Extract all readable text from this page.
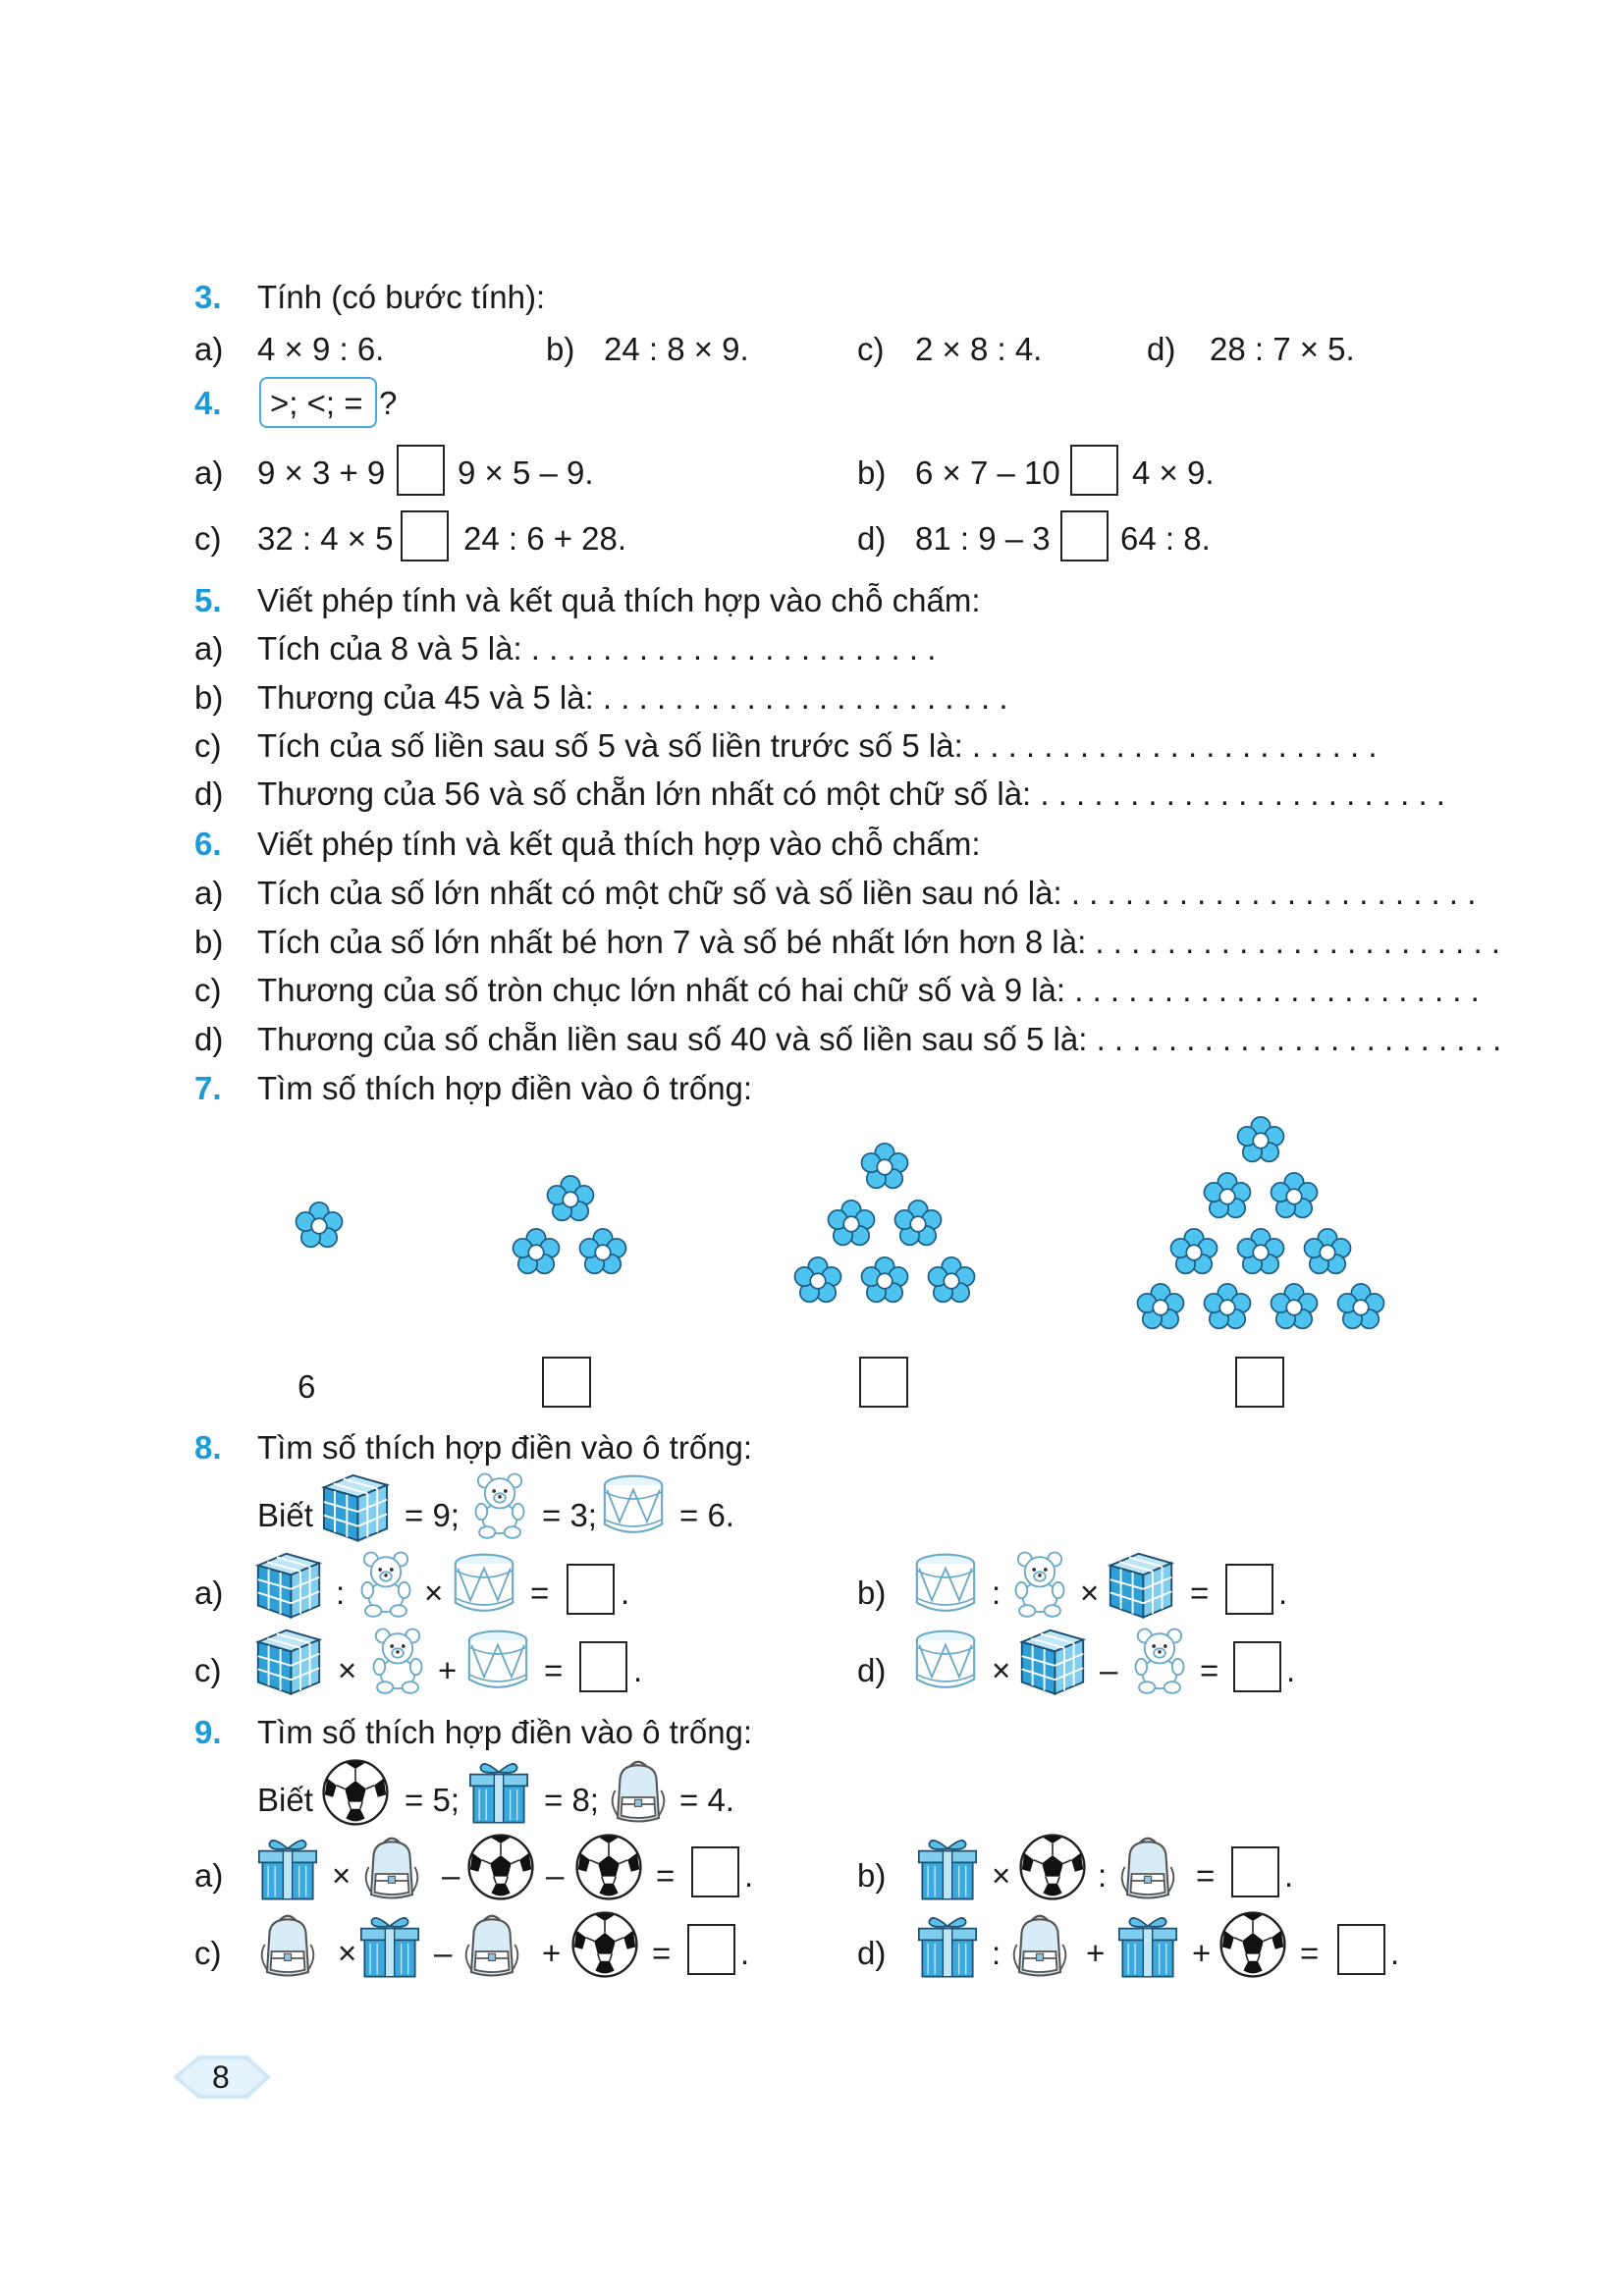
3. Tính (có bước tính):
a) 4 × 9 : 6.	b) 24 : 8 × 9.	c) 2 × 8 : 4.	d) 28 : 7 × 5.
4. >; <; = ?
a) 9 × 3 + 9 9 × 5 – 9.	b) 6 × 7 – 10 4 × 9.
c) 32 : 4 × 5 24 : 6 + 28.	d) 81 : 9 – 3 64 : 8.
5. Viết phép tính và kết quả thích hợp vào chỗ chấm:
a) Tích của 8 và 5 là: . . . . . . . . . . . . . . . . . . . . . . .
b) Thương của 45 và 5 là: . . . . . . . . . . . . . . . . . . . . . . .
c) Tích của số liền sau số 5 và số liền trước số 5 là: . . . . . . . . . . . . . . . . . . . . . . .
d) Thương của 56 và số chẵn lớn nhất có một chữ số là: . . . . . . . . . . . . . . . . . . . . . . .
6. Viết phép tính và kết quả thích hợp vào chỗ chấm:
a) Tích của số lớn nhất có một chữ số và số liền sau nó là: . . . . . . . . . . . . . . . . . . . . . . .
b) Tích của số lớn nhất bé hơn 7 và số bé nhất lớn hơn 8 là: . . . . . . . . . . . . . . . . . . . . . . .
c) Thương của số tròn chục lớn nhất có hai chữ số và 9 là: . . . . . . . . . . . . . . . . . . . . . . .
d) Thương của số chẵn liền sau số 40 và số liền sau số 5 là: . . . . . . . . . . . . . . . . . . . . . . .
7. Tìm số thích hợp điền vào ô trống:
6
8. Tìm số thích hợp điền vào ô trống:
Biết	= 9;	= 3;	= 6.
a)	: ×	= .	b)	: ×	= .
c)	×	+	= .	d)	×	–	= .
9. Tìm số thích hợp điền vào ô trống:
Biết	= 5;	= 8; = 4.
a)	×	–	–	= .	b)	×	:	= .
c)	× –	+	= .	d)	:	+	+	= .
8
